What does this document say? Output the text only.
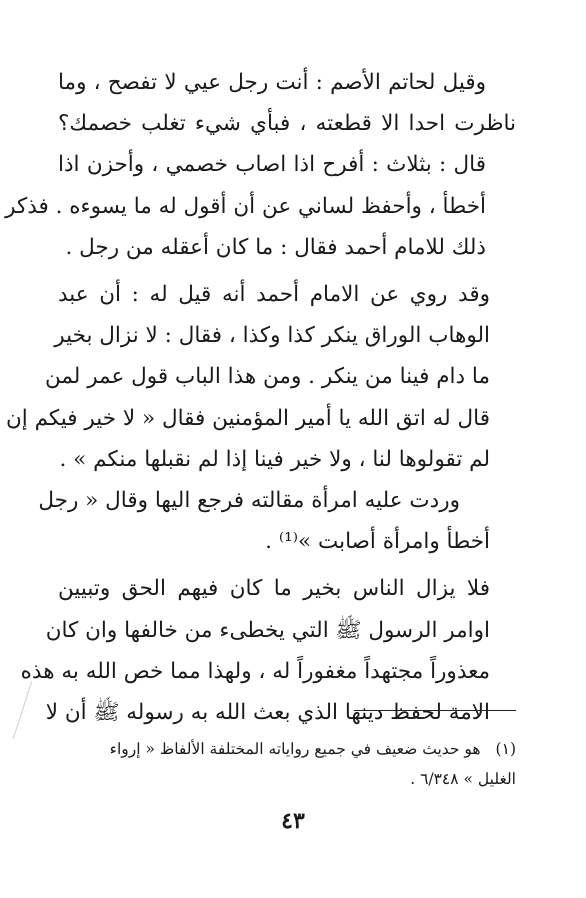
وقيل لحاتم الأصم : أنت رجل عيي لا تفصح ، وما
ناظرت احدا الا قطعته ، فبأي شيء تغلب خصمك؟
قال : بثلاث : أفرح اذا اصاب خصمي ، وأحزن اذا
أخطأ ، وأحفظ لساني عن أن أقول له ما يسوءه . فذكر
ذلك للامام أحمد فقال : ما كان أعقله من رجل .

وقد روي عن الامام أحمد أنه قيل له : أن عبد
الوهاب الوراق ينكر كذا وكذا ، فقال : لا نزال بخير
ما دام فينا من ينكر . ومن هذا الباب قول عمر لمن
قال له اتق الله يا أمير المؤمنين فقال « لا خير فيكم إن
لم تقولوها لنا ، ولا خير فينا إذا لم نقبلها منكم » .
وردت عليه امرأة مقالته فرجع اليها وقال « رجل
أخطأ وامرأة أصابت »⁽¹⁾ .

فلا يزال الناس بخير ما كان فيهم الحق وتبيين
اوامر الرسول ﷺ التي يخطىء من خالفها وان كان
معذوراً مجتهداً مغفوراً له ، ولهذا مما خص الله به هذه
الامة لحفظ دينها الذي بعث الله به رسوله ﷺ أن لا

(١) هو حديث ضعيف في جميع رواياته المختلفة الألفاظ « إرواء
الغليل » ٦/٣٤٨ .
٤٣
